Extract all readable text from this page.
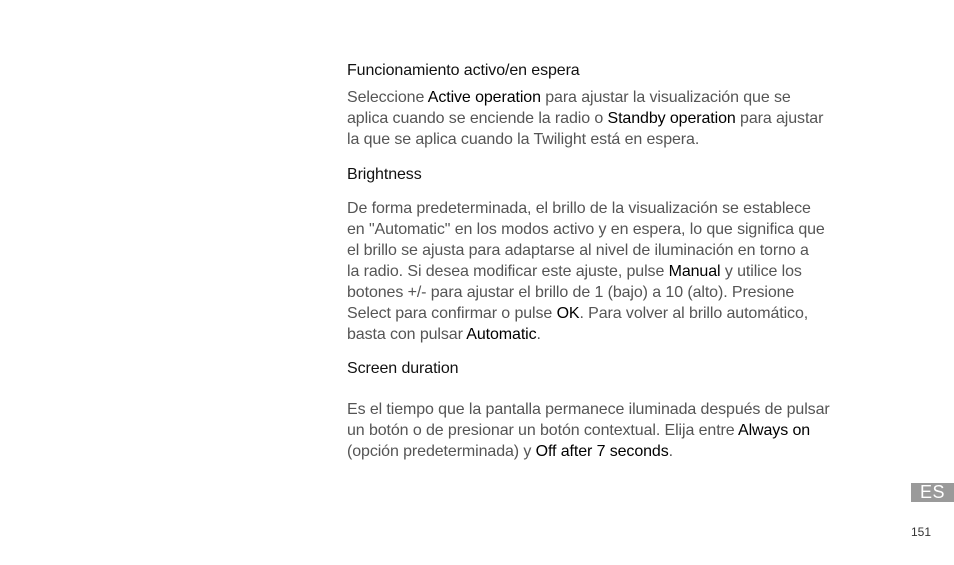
Funcionamiento activo/en espera
Seleccione Active operation para ajustar la visualización que se
aplica cuando se enciende la radio o Standby operation para ajustar
la que se aplica cuando la Twilight está en espera.
Brightness
De forma predeterminada, el brillo de la visualización se establece
en "Automatic" en los modos activo y en espera, lo que significa que
el brillo se ajusta para adaptarse al nivel de iluminación en torno a
la radio. Si desea modificar este ajuste, pulse Manual y utilice los
botones +/- para ajustar el brillo de 1 (bajo) a 10 (alto). Presione
Select para confirmar o pulse OK. Para volver al brillo automático,
basta con pulsar Automatic.
Screen duration
Es el tiempo que la pantalla permanece iluminada después de pulsar
un botón o de presionar un botón contextual. Elija entre Always on
(opción predeterminada) y Off after 7 seconds.
ES
151
